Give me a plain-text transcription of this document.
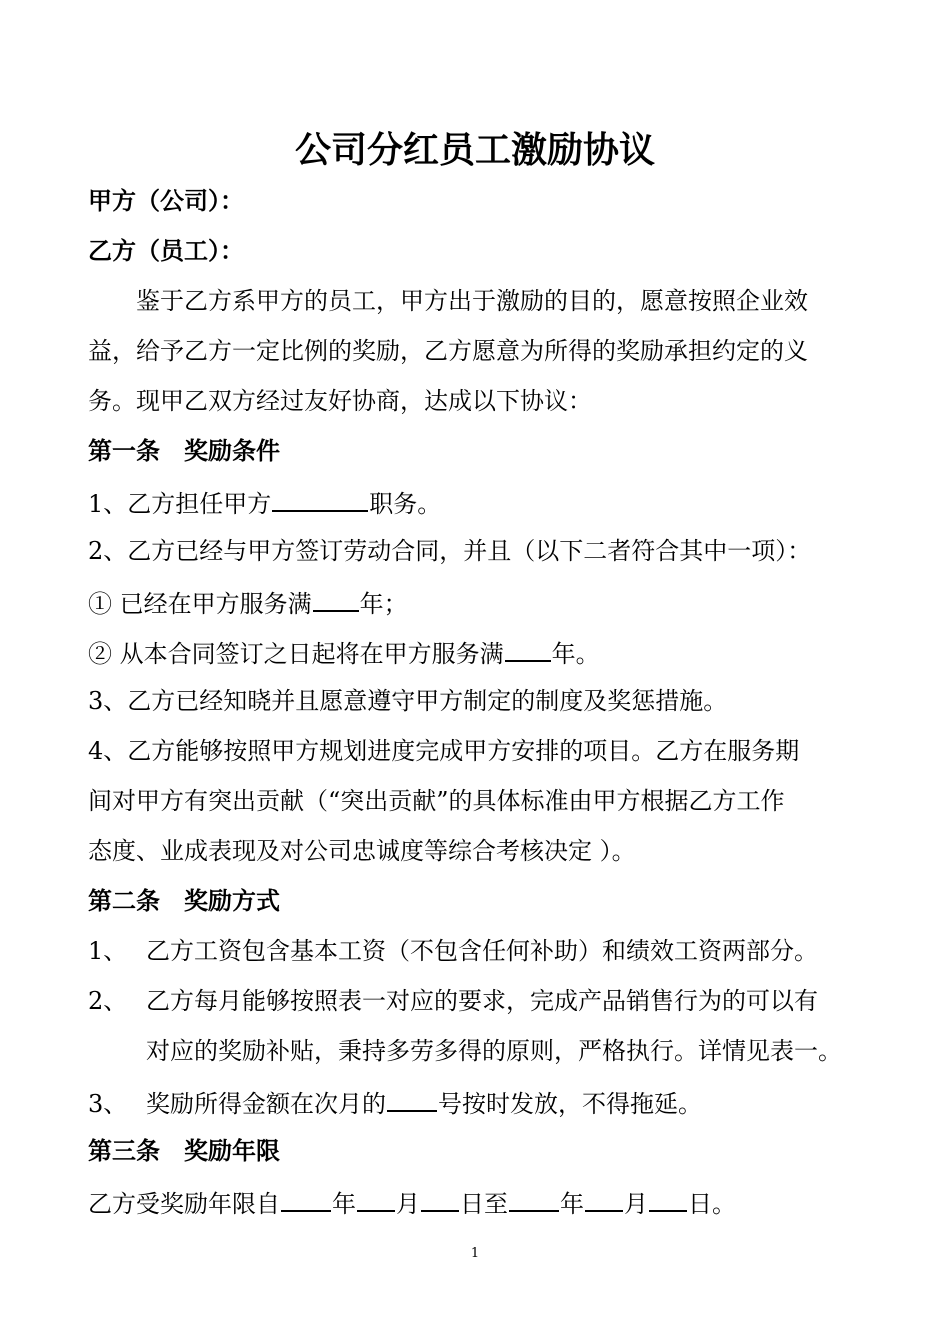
公司分红员工激励协议
甲方（公司）：
乙方（员工）：
　　鉴于乙方系甲方的员工，甲方出于激励的目的，愿意按照企业效
益，给予乙方一定比例的奖励，乙方愿意为所得的奖励承担约定的义
务。现甲乙双方经过友好协商，达成以下协议：
第一条　奖励条件
1、乙方担任甲方	职务。
2、乙方已经与甲方签订劳动合同，并且（以下二者符合其中一项）：
① 已经在甲方服务满 年；
② 从本合同签订之日起将在甲方服务满 年。
3、乙方已经知晓并且愿意遵守甲方制定的制度及奖惩措施。
4、乙方能够按照甲方规划进度完成甲方安排的项目。乙方在服务期
间对甲方有突出贡献（“突出贡献”的具体标准由甲方根据乙方工作
态度、业成表现及对公司忠诚度等综合考核决定 ）。
第二条　奖励方式
1、 乙方工资包含基本工资（不包含任何补助）和绩效工资两部分。
2、 乙方每月能够按照表一对应的要求，完成产品销售行为的可以有
对应的奖励补贴，秉持多劳多得的原则，严格执行。详情见表一。
3、 奖励所得金额在次月的 号按时发放，不得拖延。
第三条　奖励年限
乙方受奖励年限自 年 月 日至 年 月 日。
1
